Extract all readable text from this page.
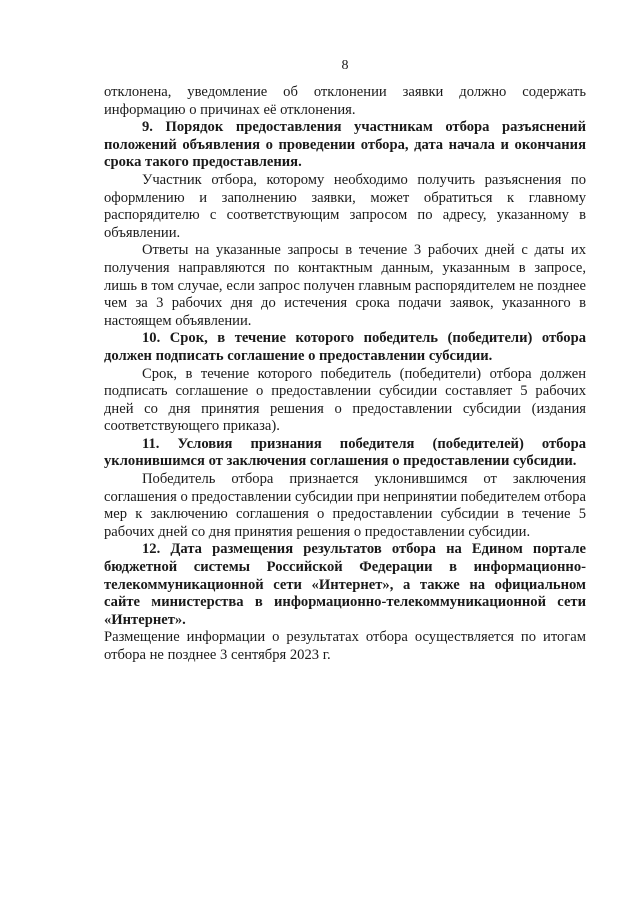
8

отклонена, уведомление об отклонении заявки должно содержать информацию о причинах её отклонения.

9. Порядок предоставления участникам отбора разъяснений положений объявления о проведении отбора, дата начала и окончания срока такого предоставления.

Участник отбора, которому необходимо получить разъяснения по оформлению и заполнению заявки, может обратиться к главному распорядителю с соответствующим запросом по адресу, указанному в объявлении.

Ответы на указанные запросы в течение 3 рабочих дней с даты их получения направляются по контактным данным, указанным в запросе, лишь в том случае, если запрос получен главным распорядителем не позднее чем за 3 рабочих дня до истечения срока подачи заявок, указанного в настоящем объявлении.

10. Срок, в течение которого победитель (победители) отбора должен подписать соглашение о предоставлении субсидии.

Срок, в течение которого победитель (победители) отбора должен подписать соглашение о предоставлении субсидии составляет 5 рабочих дней со дня принятия решения о предоставлении субсидии (издания соответствующего приказа).

11. Условия признания победителя (победителей) отбора уклонившимся от заключения соглашения о предоставлении субсидии.

Победитель отбора признается уклонившимся от заключения соглашения о предоставлении субсидии при непринятии победителем отбора мер к заключению соглашения о предоставлении субсидии в течение 5 рабочих дней со дня принятия решения о предоставлении субсидии.

12. Дата размещения результатов отбора на Едином портале бюджетной системы Российской Федерации в информационно-телекоммуникационной сети «Интернет», а также на официальном сайте министерства в информационно-телекоммуникационной сети «Интернет».

Размещение информации о результатах отбора осуществляется по итогам отбора не позднее 3 сентября 2023 г.
